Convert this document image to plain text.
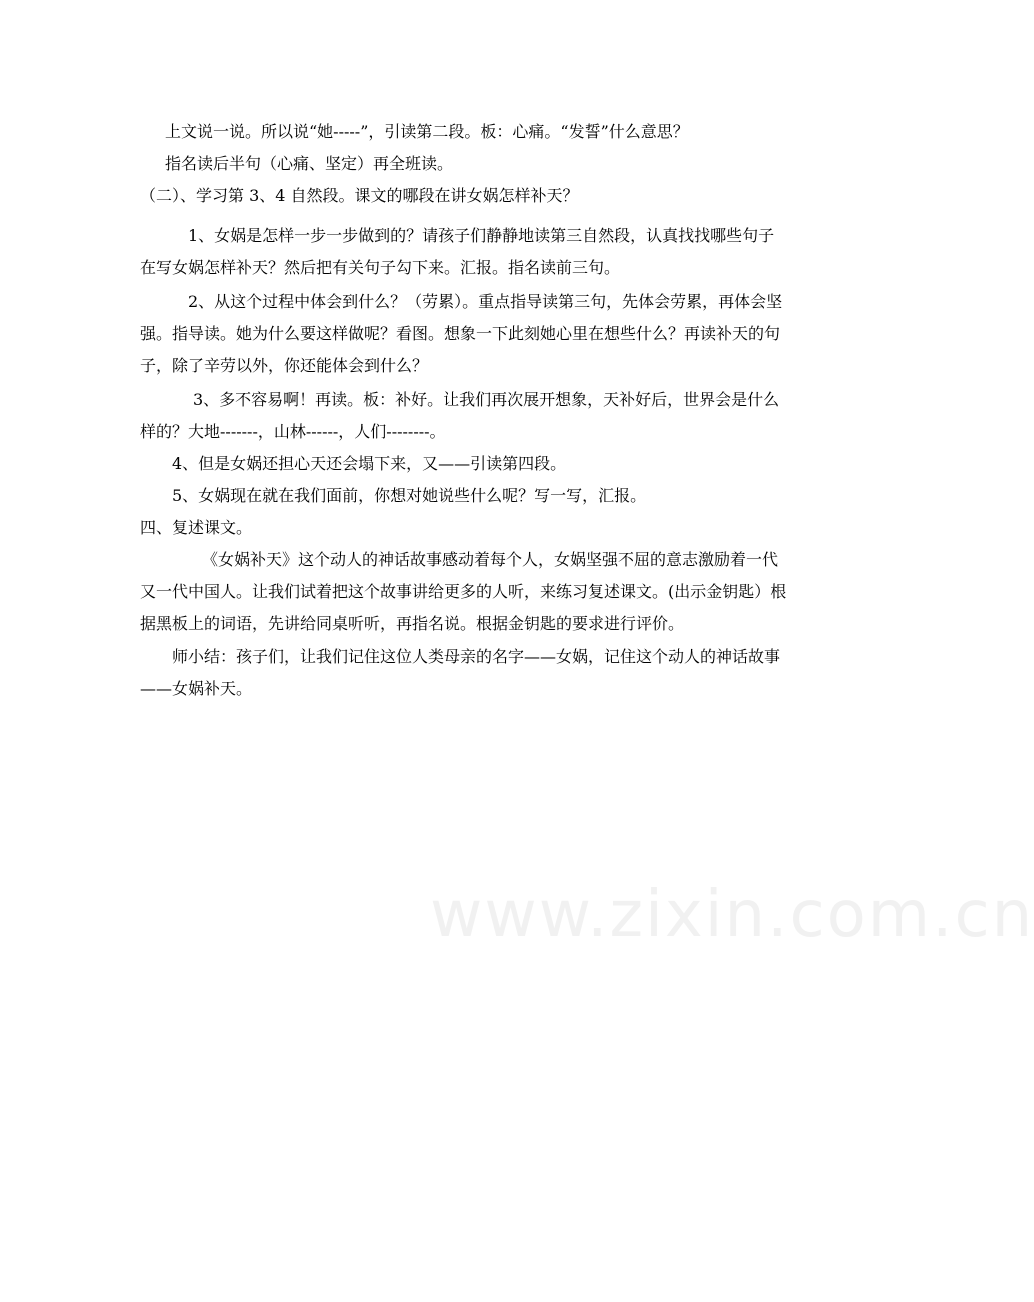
上文说一说。所以说“她-----”，引读第二段。板：心痛。“发誓”什么意思？

指名读后半句（心痛、坚定）再全班读。

（二）、学习第 3、4 自然段。课文的哪段在讲女娲怎样补天？

1、女娲是怎样一步一步做到的？请孩子们静静地读第三自然段，认真找找哪些句子在写女娲怎样补天？然后把有关句子勾下来。汇报。指名读前三句。

2、从这个过程中体会到什么？（劳累）。重点指导读第三句，先体会劳累，再体会坚强。指导读。她为什么要这样做呢？看图。想象一下此刻她心里在想些什么？再读补天的句子，除了辛劳以外，你还能体会到什么？

3、多不容易啊！再读。板：补好。让我们再次展开想象，天补好后，世界会是什么样的？大地-------，山林------，人们--------。

4、但是女娲还担心天还会塌下来，又——引读第四段。

5、女娲现在就在我们面前，你想对她说些什么呢？写一写，汇报。

四、复述课文。

《女娲补天》这个动人的神话故事感动着每个人，女娲坚强不屈的意志激励着一代又一代中国人。让我们试着把这个故事讲给更多的人听，来练习复述课文。(出示金钥匙）根据黑板上的词语，先讲给同桌听听，再指名说。根据金钥匙的要求进行评价。

师小结：孩子们，让我们记住这位人类母亲的名字——女娲，记住这个动人的神话故事——女娲补天。

www.zixin.com.cn
